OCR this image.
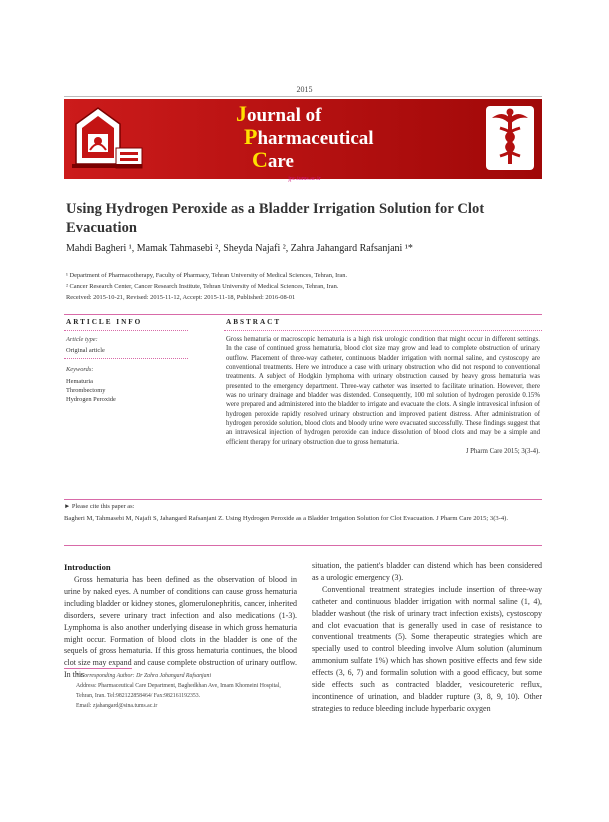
2015
Journal of
Pharmaceutical
Care
jpc.tums.ac.ir
Using Hydrogen Peroxide as a Bladder Irrigation Solution for Clot Evacuation
Mahdi Bagheri ¹, Mamak Tahmasebi ², Sheyda Najafi ², Zahra Jahangard Rafsanjani ¹*
¹ Department of Pharmacotherapy, Faculty of Pharmacy, Tehran University of Medical Sciences, Tehran, Iran.
² Cancer Research Center, Cancer Research Institute, Tehran University of Medical Sciences, Tehran, Iran.
Received: 2015-10-21, Revised: 2015-11-12, Accept: 2015-11-18, Published: 2016-08-01
ARTICLE INFO
Article type:
Original article
Keywords:
Hematuria
Thrombectomy
Hydrogen Peroxide
ABSTRACT
Gross hematuria or macroscopic hematuria is a high risk urologic condition that might occur in different settings. In the case of continued gross hematuria, blood clot size may grow and lead to complete obstruction of urinary outflow. Placement of three-way catheter, continuous bladder irrigation with normal saline, and cystoscopy are conventional treatments. Here we introduce a case with urinary obstruction who did not respond to conventional treatments. A subject of Hodgkin lymphoma with urinary obstruction caused by heavy gross hematuria was presented to the emergency department. Three-way catheter was inserted to facilitate urination. However, there was no urinary drainage and bladder was distended. Consequently, 100 ml solution of hydrogen peroxide 0.15% were prepared and administered into the bladder to irrigate and evacuate the clots. A single intravesical infusion of hydrogen peroxide rapidly resolved urinary obstruction and improved patient distress. After administration of hydrogen peroxide solution, blood clots and bloody urine were evacuated successfully. These findings suggest that an intravesical injection of hydrogen peroxide can induce dissolution of blood clots and may be a simple and efficient therapy for urinary obstruction due to gross hematuria.
J Pharm Care 2015; 3(3-4).
► Please cite this paper as:
Bagheri M, Tahmasebi M, Najafi S, Jahangard Rafsanjani Z. Using Hydrogen Peroxide as a Bladder Irrigation Solution for Clot Evacuation. J Pharm Care 2015; 3(3-4).
Introduction

Gross hematuria has been defined as the observation of blood in urine by naked eyes. A number of conditions can cause gross hematuria including bladder or kidney stones, glomerulonephritis, cancer, inherited disorders, severe urinary tract infection and also medications (1-3). Lymphoma is also another underlying disease in which gross hematuria might occur. Formation of blood clots in the bladder is one of the sequels of gross hematuria. If this gross hematuria continues, the blood clot size may expand and cause complete obstruction of urinary outflow. In this

* Corresponding Author: Dr Zahra Jahangard Rafsanjani
Address: Pharmaceutical Care Department, Baghedkhan Ave, Imam Khomeini Hospital, Tehran, Iran. Tel:982122858464/ Fax:982161192353.
Email: zjahangard@sina.tums.ac.ir

situation, the patient's bladder can distend which has been considered as a urologic emergency (3).

Conventional treatment strategies include insertion of three-way catheter and continuous bladder irrigation with normal saline (1, 4), bladder washout (the risk of urinary tract infection exists), cystoscopy and clot evacuation that is generally used in case of resistance to conventional treatments (5). Some therapeutic strategies which are specially used to control bleeding involve Alum solution (aluminum ammonium sulfate 1%) which has shown positive effects and few side effects (3, 6, 7) and formalin solution with a good efficacy, but some side effects such as contracted bladder, vesicoureteric reflux, incontinence of urination, and bladder rupture (3, 8, 9, 10). Other strategies to reduce bleeding include hyperbaric oxygen
